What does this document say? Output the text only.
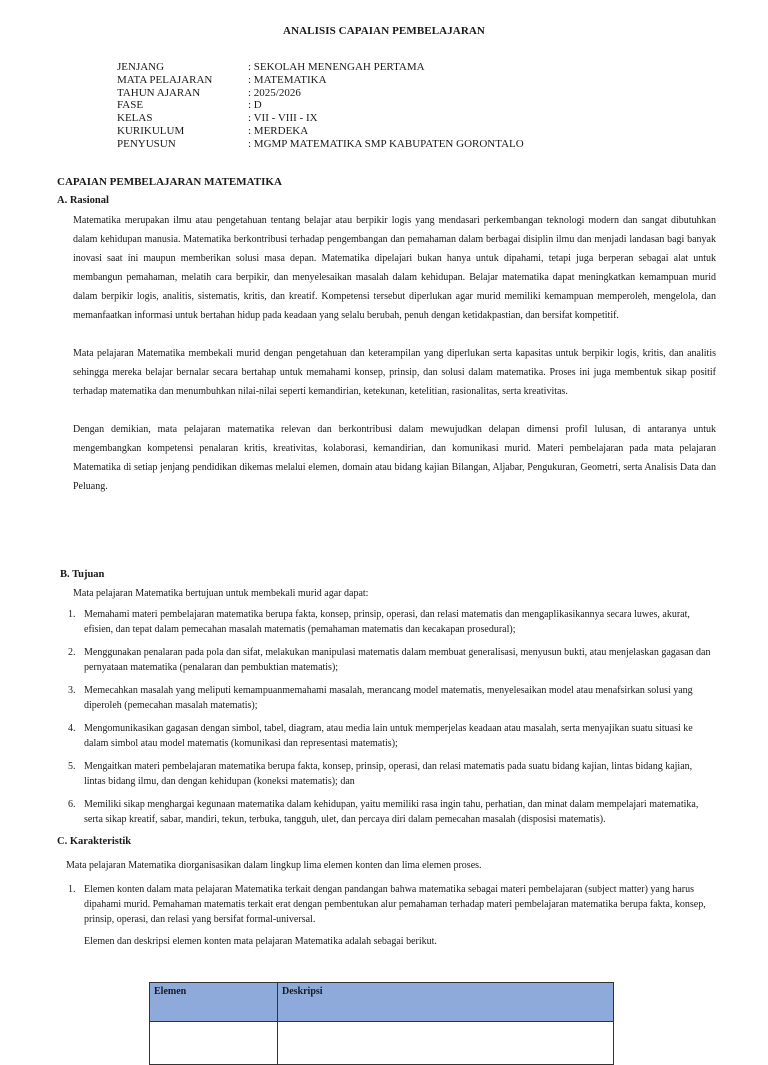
ANALISIS CAPAIAN PEMBELAJARAN
JENJANG	: SEKOLAH MENENGAH PERTAMA
MATA PELAJARAN	: MATEMATIKA
TAHUN AJARAN	: 2025/2026
FASE	: D
KELAS	: VII - VIII - IX
KURIKULUM	: MERDEKA
PENYUSUN	: MGMP MATEMATIKA SMP KABUPATEN GORONTALO
CAPAIAN PEMBELAJARAN MATEMATIKA
A. Rasional
Matematika merupakan ilmu atau pengetahuan tentang belajar atau berpikir logis yang mendasari perkembangan teknologi modern dan sangat dibutuhkan dalam kehidupan manusia. Matematika berkontribusi terhadap pengembangan dan pemahaman dalam berbagai disiplin ilmu dan menjadi landasan bagi banyak inovasi saat ini maupun memberikan solusi masa depan. Matematika dipelajari bukan hanya untuk dipahami, tetapi juga berperan sebagai alat untuk membangun pemahaman, melatih cara berpikir, dan menyelesaikan masalah dalam kehidupan. Belajar matematika dapat meningkatkan kemampuan murid dalam berpikir logis, analitis, sistematis, kritis, dan kreatif. Kompetensi tersebut diperlukan agar murid memiliki kemampuan memperoleh, mengelola, dan memanfaatkan informasi untuk bertahan hidup pada keadaan yang selalu berubah, penuh dengan ketidakpastian, dan bersifat kompetitif.
Mata pelajaran Matematika membekali murid dengan pengetahuan dan keterampilan yang diperlukan serta kapasitas untuk berpikir logis, kritis, dan analitis sehingga mereka belajar bernalar secara bertahap untuk memahami konsep, prinsip, dan solusi dalam matematika. Proses ini juga membentuk sikap positif terhadap matematika dan menumbuhkan nilai-nilai seperti kemandirian, ketekunan, ketelitian, rasionalitas, serta kreativitas.
Dengan demikian, mata pelajaran matematika relevan dan berkontribusi dalam mewujudkan delapan dimensi profil lulusan, di antaranya untuk mengembangkan kompetensi penalaran kritis, kreativitas, kolaborasi, kemandirian, dan komunikasi murid. Materi pembelajaran pada mata pelajaran Matematika di setiap jenjang pendidikan dikemas melalui elemen, domain atau bidang kajian Bilangan, Aljabar, Pengukuran, Geometri, serta Analisis Data dan Peluang.
B. Tujuan
Mata pelajaran Matematika bertujuan untuk membekali murid agar dapat:
1. Memahami materi pembelajaran matematika berupa fakta, konsep, prinsip, operasi, dan relasi matematis dan mengaplikasikannya secara luwes, akurat, efisien, dan tepat dalam pemecahan masalah matematis (pemahaman matematis dan kecakapan prosedural);
2. Menggunakan penalaran pada pola dan sifat, melakukan manipulasi matematis dalam membuat generalisasi, menyusun bukti, atau menjelaskan gagasan dan pernyataan matematika (penalaran dan pembuktian matematis);
3. Memecahkan masalah yang meliputi kemampuanmemahami masalah, merancang model matematis, menyelesaikan model atau menafsirkan solusi yang diperoleh (pemecahan masalah matematis);
4. Mengomunikasikan gagasan dengan simbol, tabel, diagram, atau media lain untuk memperjelas keadaan atau masalah, serta menyajikan suatu situasi ke dalam simbol atau model matematis (komunikasi dan representasi matematis);
5. Mengaitkan materi pembelajaran matematika berupa fakta, konsep, prinsip, operasi, dan relasi matematis pada suatu bidang kajian, lintas bidang kajian, lintas bidang ilmu, dan dengan kehidupan (koneksi matematis); dan
6. Memiliki sikap menghargai kegunaan matematika dalam kehidupan, yaitu memiliki rasa ingin tahu, perhatian, dan minat dalam mempelajari matematika, serta sikap kreatif, sabar, mandiri, tekun, terbuka, tangguh, ulet, dan percaya diri dalam pemecahan masalah (disposisi matematis).
C. Karakteristik
Mata pelajaran Matematika diorganisasikan dalam lingkup lima elemen konten dan lima elemen proses.
1. Elemen konten dalam mata pelajaran Matematika terkait dengan pandangan bahwa matematika sebagai materi pembelajaran (subject matter) yang harus dipahami murid. Pemahaman matematis terkait erat dengan pembentukan alur pemahaman terhadap materi pembelajaran matematika berupa fakta, konsep, prinsip, operasi, dan relasi yang bersifat formal-universal.
Elemen dan deskripsi elemen konten mata pelajaran Matematika adalah sebagai berikut.
Elemen	Deskripsi
